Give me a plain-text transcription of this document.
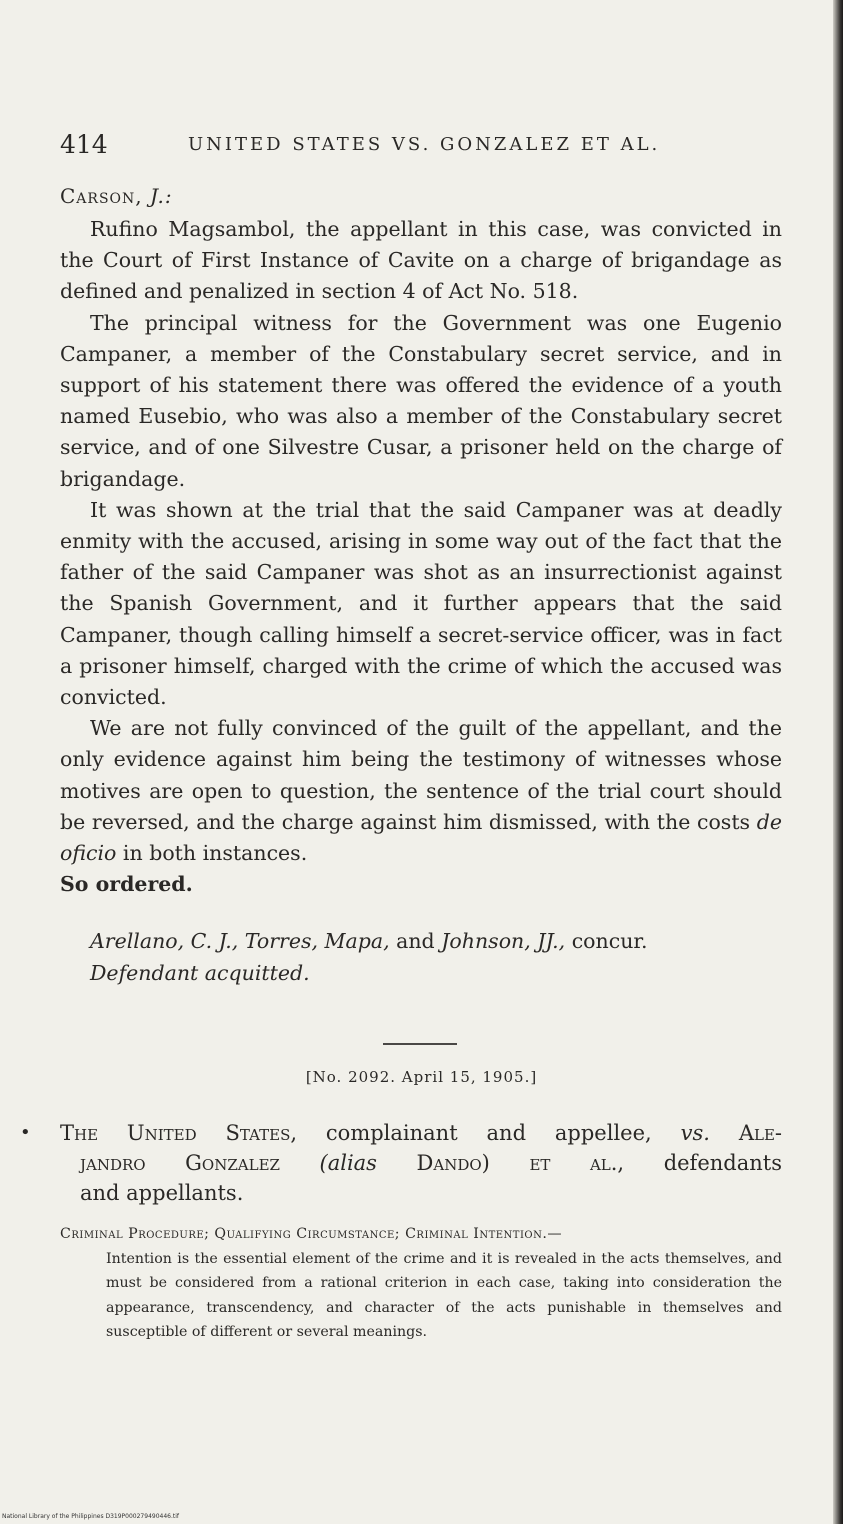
414	UNITED STATES VS. GONZALEZ ET AL.
Carson, J.:

Rufino Magsambol, the appellant in this case, was convicted in the Court of First Instance of Cavite on a charge of brigandage as defined and penalized in section 4 of Act No. 518.

The principal witness for the Government was one Eugenio Campaner, a member of the Constabulary secret service, and in support of his statement there was offered the evidence of a youth named Eusebio, who was also a member of the Constabulary secret service, and of one Silvestre Cusar, a prisoner held on the charge of brigandage.

It was shown at the trial that the said Campaner was at deadly enmity with the accused, arising in some way out of the fact that the father of the said Campaner was shot as an insurrectionist against the Spanish Government, and it further appears that the said Campaner, though calling himself a secret-service officer, was in fact a prisoner himself, charged with the crime of which the accused was convicted.

We are not fully convinced of the guilt of the appellant, and the only evidence against him being the testimony of witnesses whose motives are open to question, the sentence of the trial court should be reversed, and the charge against him dismissed, with the costs de oficio in both instances.

So ordered.

Arellano, C. J., Torres, Mapa, and Johnson, JJ., concur.

Defendant acquitted.

[No. 2092. April 15, 1905.]
• The United States, complainant and appellee, vs. Ale-
jandro Gonzalez (alias Dando) et al., defendants
and appellants.
Criminal Procedure; Qualifying Circumstance; Criminal Intention.—

Intention is the essential element of the crime and it is revealed in the acts themselves, and must be considered from a rational criterion in each case, taking into consideration the appearance, transcendency, and character of the acts punishable in themselves and susceptible of different or several meanings.

National Library of the Philippines D319P000279490446.tif
